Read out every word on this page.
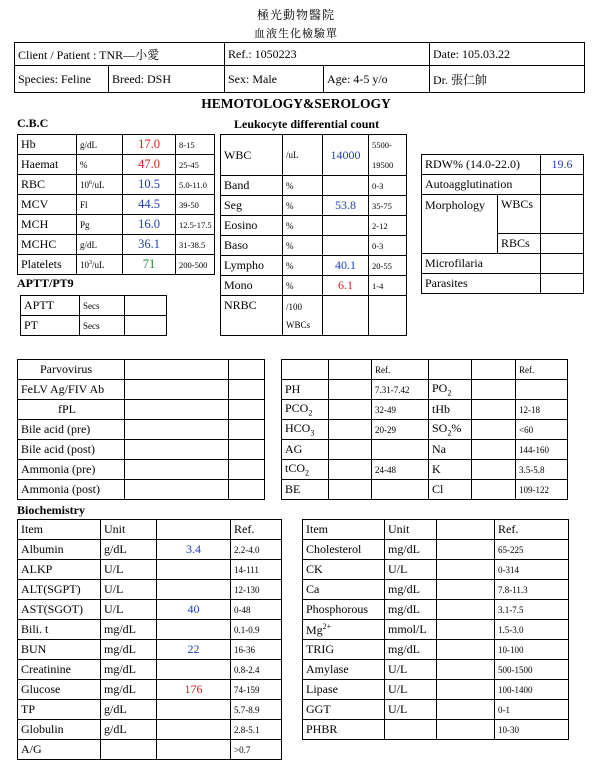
極光動物醫院
血液生化檢驗單
Client / Patient : TNR—小愛		Ref.: 1050223		Date: 105.03.22
Species: Feline	Breed: DSH	Sex: Male	Age: 4-5 y/o	Dr. 張仁帥
HEMOTOLOGY&SEROLOGY
C.B.C	Leukocyte differential count
Hb	g/dL	17.0	8-15
Haemat	%	47.0	25-45
RBC	$10^6/uL$	10.5	5.0-11.0
MCV	Fl	44.5	39-50
MCH	Pg	16.0	12.5-17.5
MCHC	g/dL	36.1	31-38.5
Platelets	$10^3/uL$	71	200-500
WBC	/uL	14000	5500-
19500

Band	%		0-3
Seg	%	53.8	35-75
Eosino	%		2-12
Baso	%		0-3
Lympho	%	40.1	20-55
Mono	%	6.1	1-4
NRBC	/100
WBCs		

RDW% (14.0-22.0)		19.6
Autoagglutination		
Morphology	WBCs	

	RBCs	
Microfilaria		
Parasites		
APTT/PT9
APTT	Secs	
PT	Secs	
Parvovirus		
FeLV Ag/FIV Ab		
fPL		
Bile acid (pre)		
Bile acid (post)		
Ammonia (pre)		
Ammonia (post)		
		Ref.			Ref.
PH		7.31-7.42	$PO_2$		
$PCO_2$		32-49	tHb		12-18
$HCO_3$		20-29	$SO_2\%$		<60
AG			Na		144-160
tCO$_2$		24-48	K		3.5-5.8
BE			Cl		109-122
Biochemistry
Item	Unit		Ref.
Albumin	g/dL	3.4	2.2-4.0
ALKP	U/L		14-111
ALT(SGPT)	U/L		12-130
AST(SGOT)	U/L	40	0-48
Bili. t	mg/dL		0.1-0.9
BUN	mg/dL	22	16-36
Creatinine	mg/dL		0.8-2.4
Glucose	mg/dL	176	74-159
TP	g/dL		5.7-8.9
Globulin	g/dL		2.8-5.1
A/G			>0.7
Item	Unit		Ref.
Cholesterol	mg/dL		65-225
CK	U/L		0-314
Ca	mg/dL		7.8-11.3
Phosphorous	mg/dL		3.1-7.5
$Mg^{2+}$	mmol/L		1.5-3.0
TRIG	mg/dL		10-100
Amylase	U/L		500-1500
Lipase	U/L		100-1400
GGT	U/L		0-1
PHBR			10-30
